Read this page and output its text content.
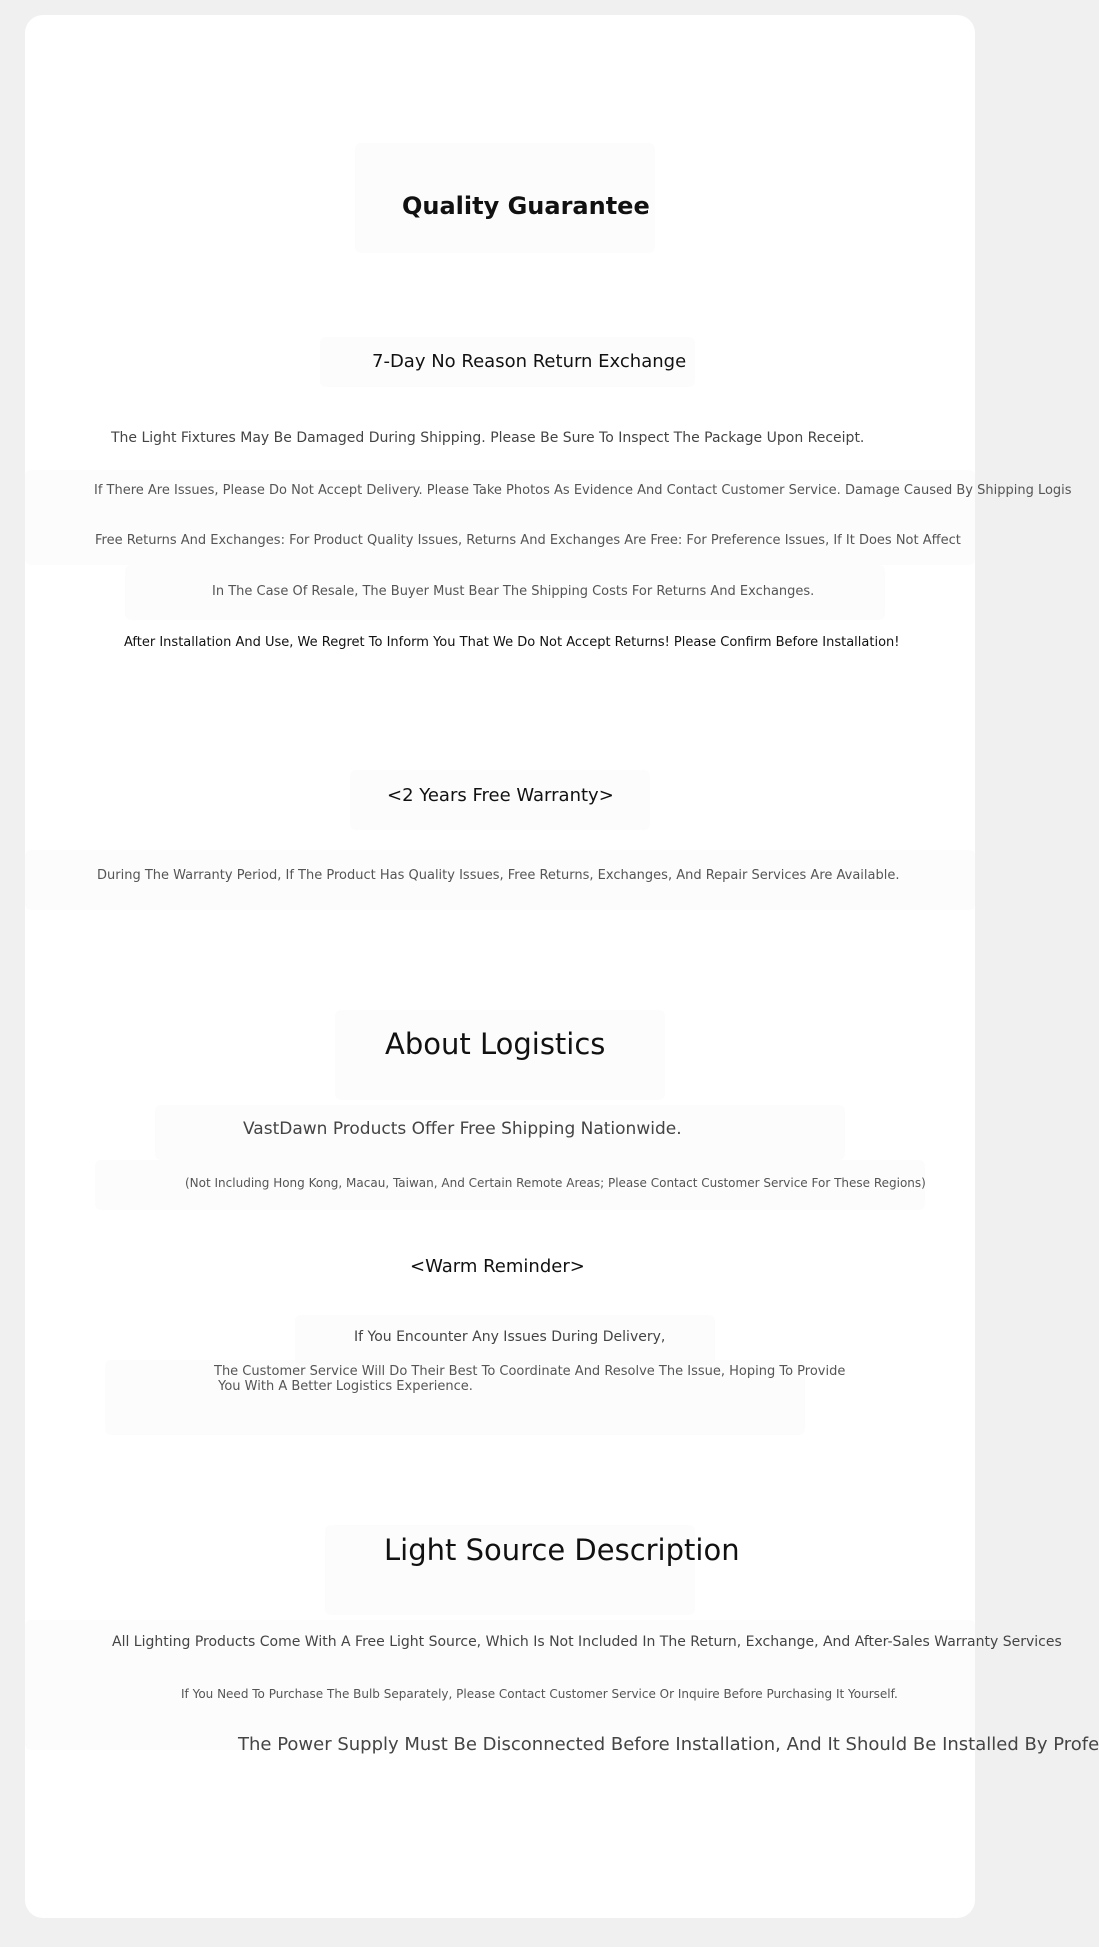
Quality Guarantee
7-Day No Reason Return Exchange

The Light Fixtures May Be Damaged During Shipping. Please Be Sure To Inspect The Package Upon Receipt.

If There Are Issues, Please Do Not Accept Delivery. Please Take Photos As Evidence And Contact Customer Service. Damage Caused By Shipping Logis

Free Returns And Exchanges: For Product Quality Issues, Returns And Exchanges Are Free: For Preference Issues, If It Does Not Affect

In The Case Of Resale, The Buyer Must Bear The Shipping Costs For Returns And Exchanges.

After Installation And Use, We Regret To Inform You That We Do Not Accept Returns! Please Confirm Before Installation!

<2 Years Free Warranty>

During The Warranty Period, If The Product Has Quality Issues, Free Returns, Exchanges, And Repair Services Are Available.

About Logistics

VastDawn Products Offer Free Shipping Nationwide.

(Not Including Hong Kong, Macau, Taiwan, And Certain Remote Areas; Please Contact Customer Service For These Regions)

<Warm Reminder>

If You Encounter Any Issues During Delivery,

The Customer Service Will Do Their Best To Coordinate And Resolve The Issue, Hoping To Provide
You With A Better Logistics Experience.

Light Source Description

All Lighting Products Come With A Free Light Source, Which Is Not Included In The Return, Exchange, And After-Sales Warranty Services

If You Need To Purchase The Bulb Separately, Please Contact Customer Service Or Inquire Before Purchasing It Yourself.

The Power Supply Must Be Disconnected Before Installation, And It Should Be Installed By Profe
